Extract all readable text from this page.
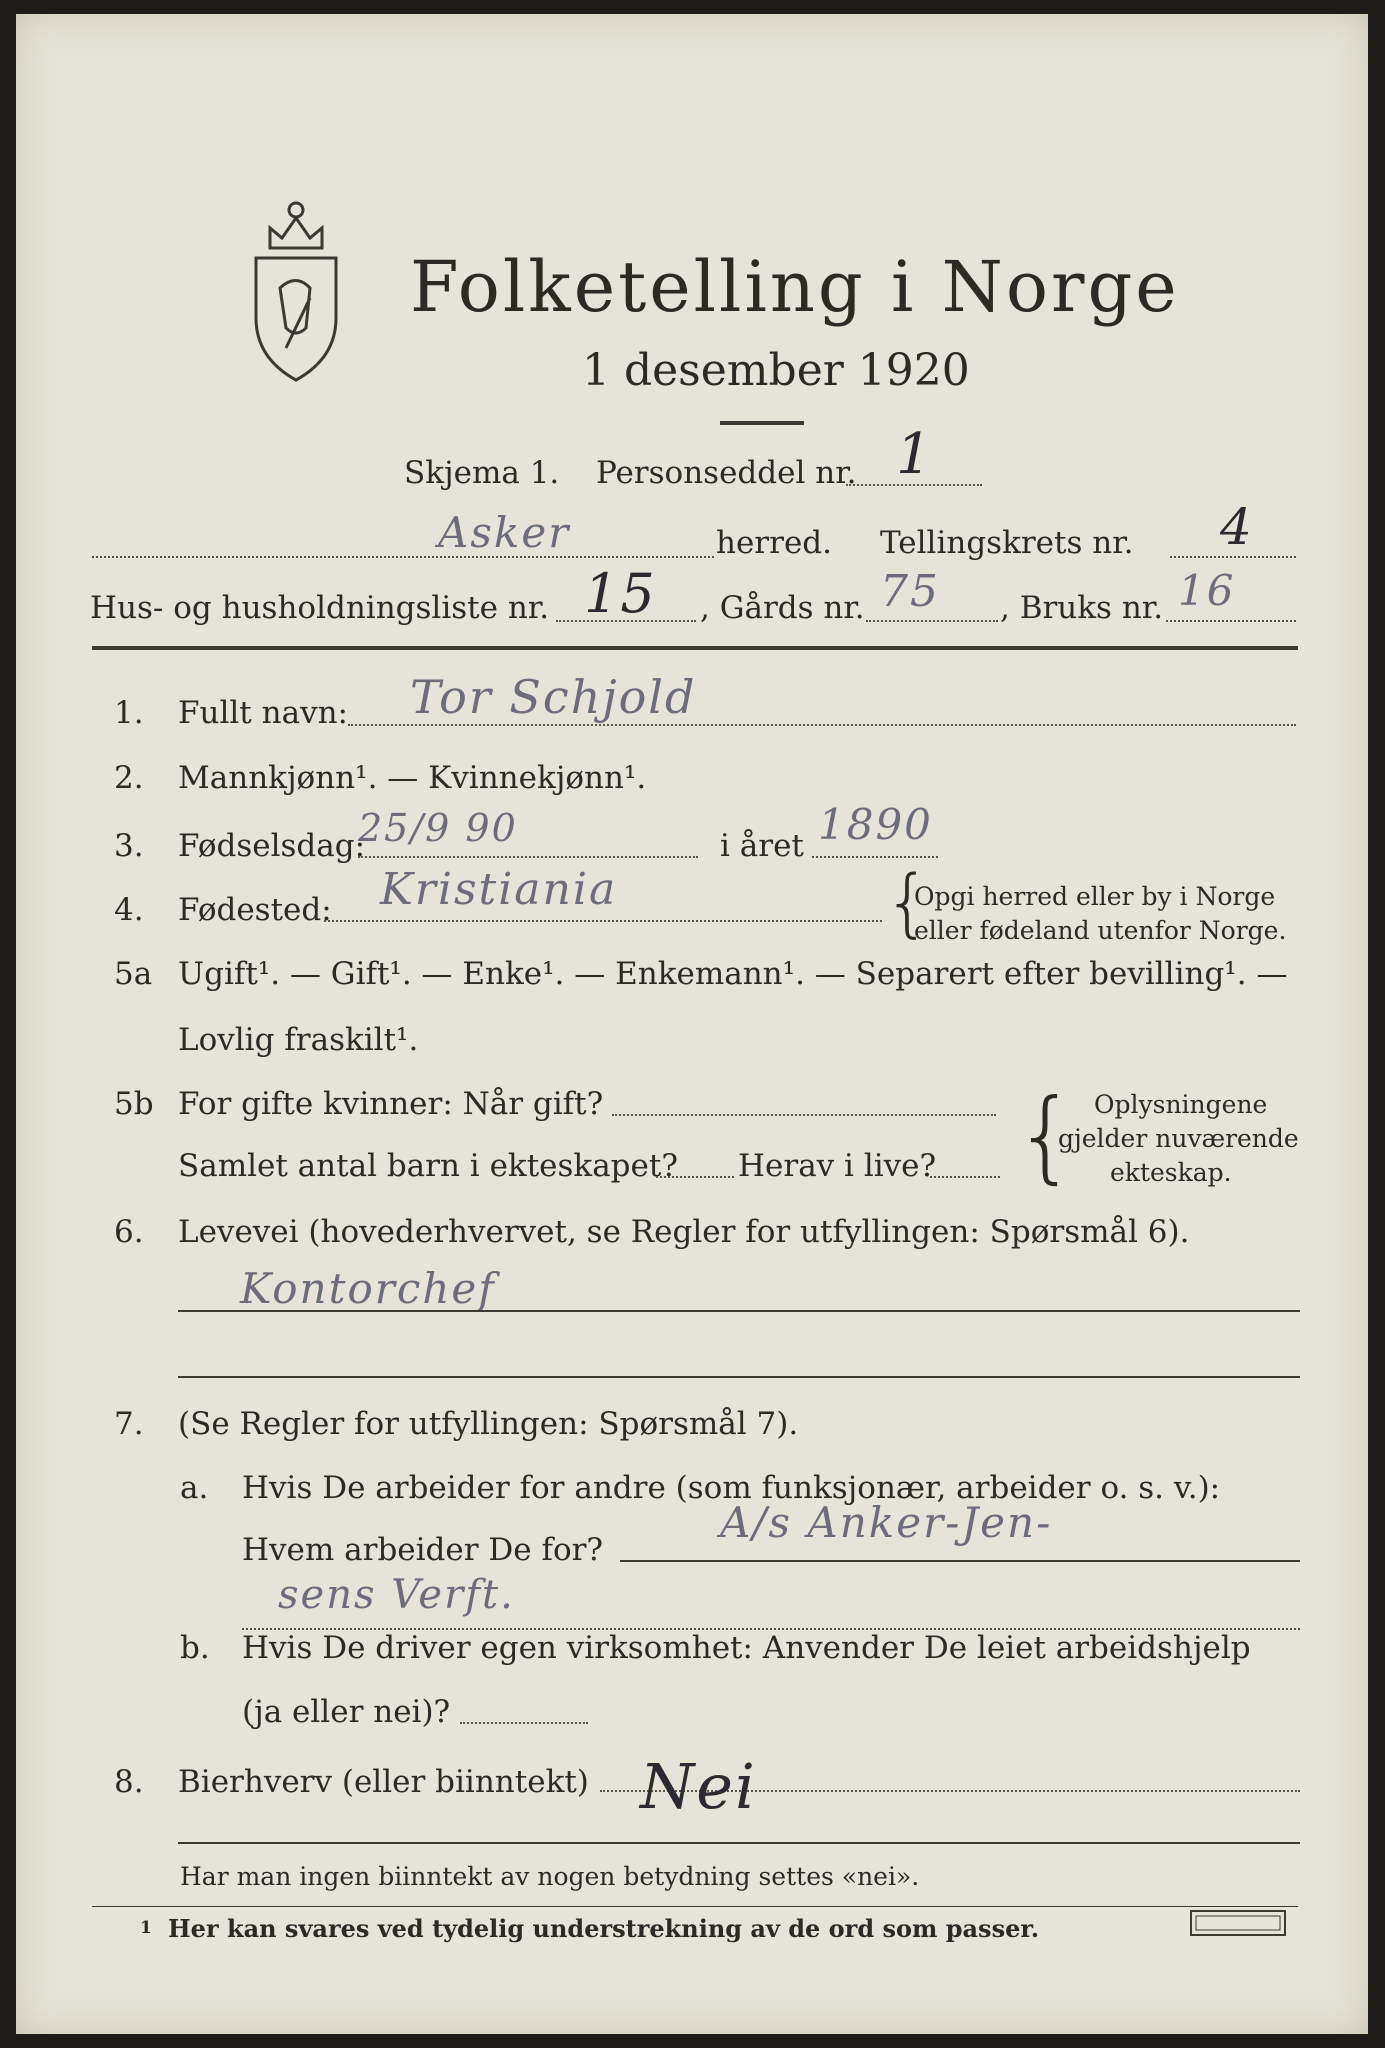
Folketelling i Norge
1 desember 1920
Skjema 1. Personseddel nr. 1
Asker	herred. Tellingskrets nr. 4
Hus- og husholdningsliste nr. 15 , Gårds nr. 75 , Bruks nr. 16
1. Fullt navn: Tor Schjold
2. Mannkjønn¹. — Kvinnekjønn¹.
3. Fødselsdag:
25/9 90	i året 1890
4. Fødested: Kristiania	{
Opgi herred eller by i Norge
eller fødeland utenfor Norge.
5a Ugift¹. — Gift¹. — Enke¹. — Enkemann¹. — Separert efter bevilling¹. —
Lovlig fraskilt¹.
5b For gifte kvinner: Når gift?
Samlet antal barn i ekteskapet? Herav i live? { Oplysningene
gjelder nuværende
ekteskap.
6. Levevei (hovederhvervet, se Regler for utfyllingen: Spørsmål 6).
Kontorchef
7. (Se Regler for utfyllingen: Spørsmål 7).
a. Hvis De arbeider for andre (som funksjonær, arbeider o. s. v.):
Hvem arbeider De for?
A/s Anker-Jen-
sens Verft.
b. Hvis De driver egen virksomhet: Anvender De leiet arbeidshjelp
(ja eller nei)?
8. Bierhverv (eller biinntekt) Nei
Har man ingen biinntekt av nogen betydning settes «nei».
1 Her kan svares ved tydelig understrekning av de ord som passer.
